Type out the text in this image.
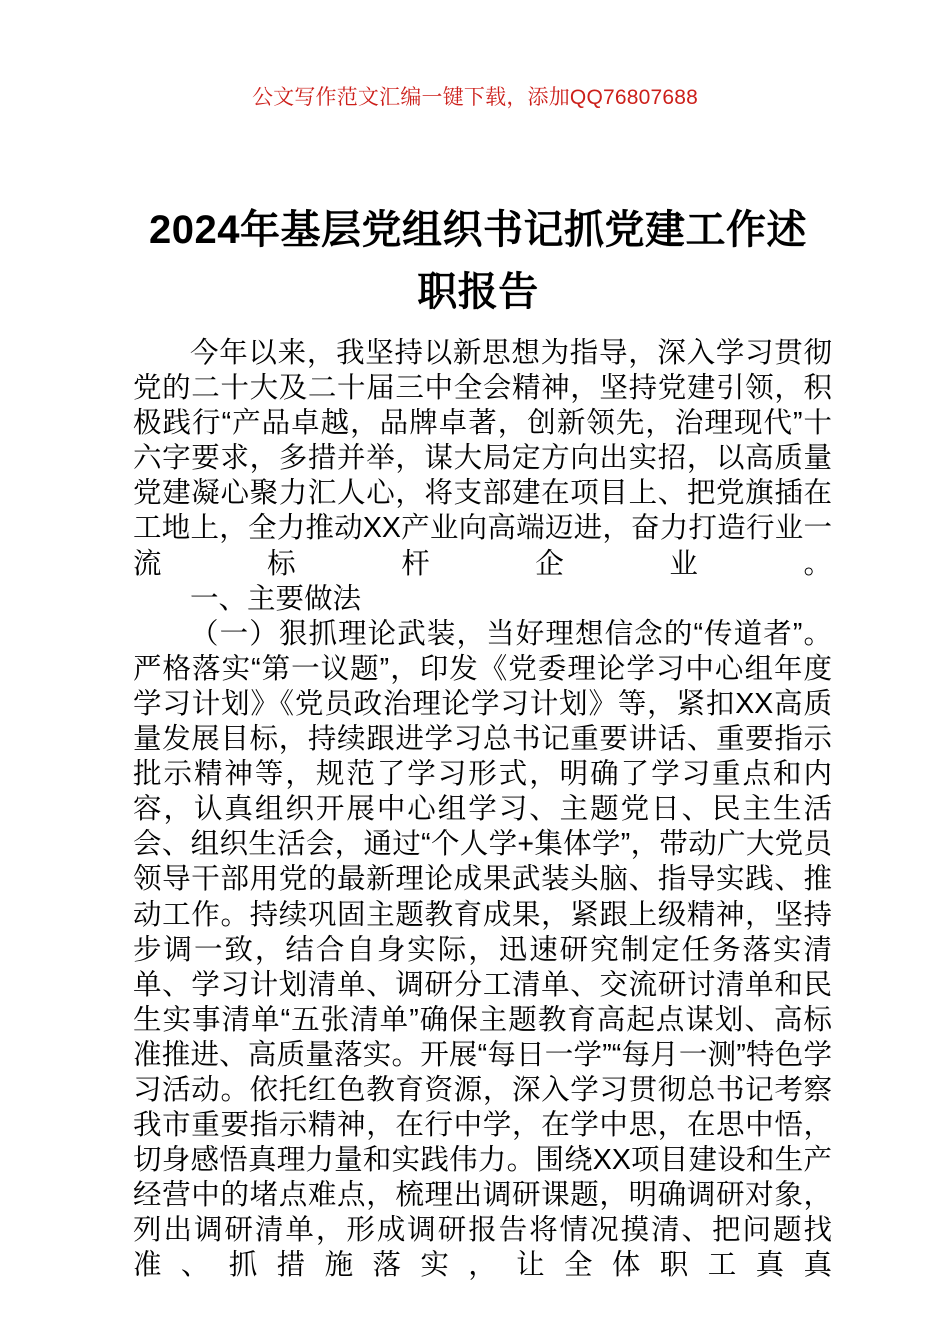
公文写作范文汇编一键下载，添加QQ76807688
2024年基层党组织书记抓党建工作述职报告

今年以来，我坚持以新思想为指导，深入学习贯彻党的二十大及二十届三中全会精神，坚持党建引领，积极践行“产品卓越，品牌卓著，创新领先，治理现代”十六字要求，多措并举，谋大局定方向出实招，以高质量党建凝心聚力汇人心，将支部建在项目上、把党旗插在工地上，全力推动XX产业向高端迈进，奋力打造行业一流标杆企业。

一、主要做法

（一）狠抓理论武装，当好理想信念的“传道者”。严格落实“第一议题”，印发《党委理论学习中心组年度学习计划》《党员政治理论学习计划》等，紧扣XX高质量发展目标，持续跟进学习总书记重要讲话、重要指示批示精神等，规范了学习形式，明确了学习重点和内容，认真组织开展中心组学习、主题党日、民主生活会、组织生活会，通过“个人学+集体学”，带动广大党员领导干部用党的最新理论成果武装头脑、指导实践、推动工作。持续巩固主题教育成果，紧跟上级精神，坚持步调一致，结合自身实际，迅速研究制定任务落实清单、学习计划清单、调研分工清单、交流研讨清单和民生实事清单“五张清单”确保主题教育高起点谋划、高标准推进、高质量落实。开展“每日一学”“每月一测”特色学习活动。依托红色教育资源，深入学习贯彻总书记考察我市重要指示精神，在行中学，在学中思，在思中悟，切身感悟真理力量和实践伟力。围绕XX项目建设和生产经营中的堵点难点，梳理出调研课题，明确调研对象，列出调研清单，形成调研报告将情况摸清、把问题找准、抓措施落实，让全体职工真真
